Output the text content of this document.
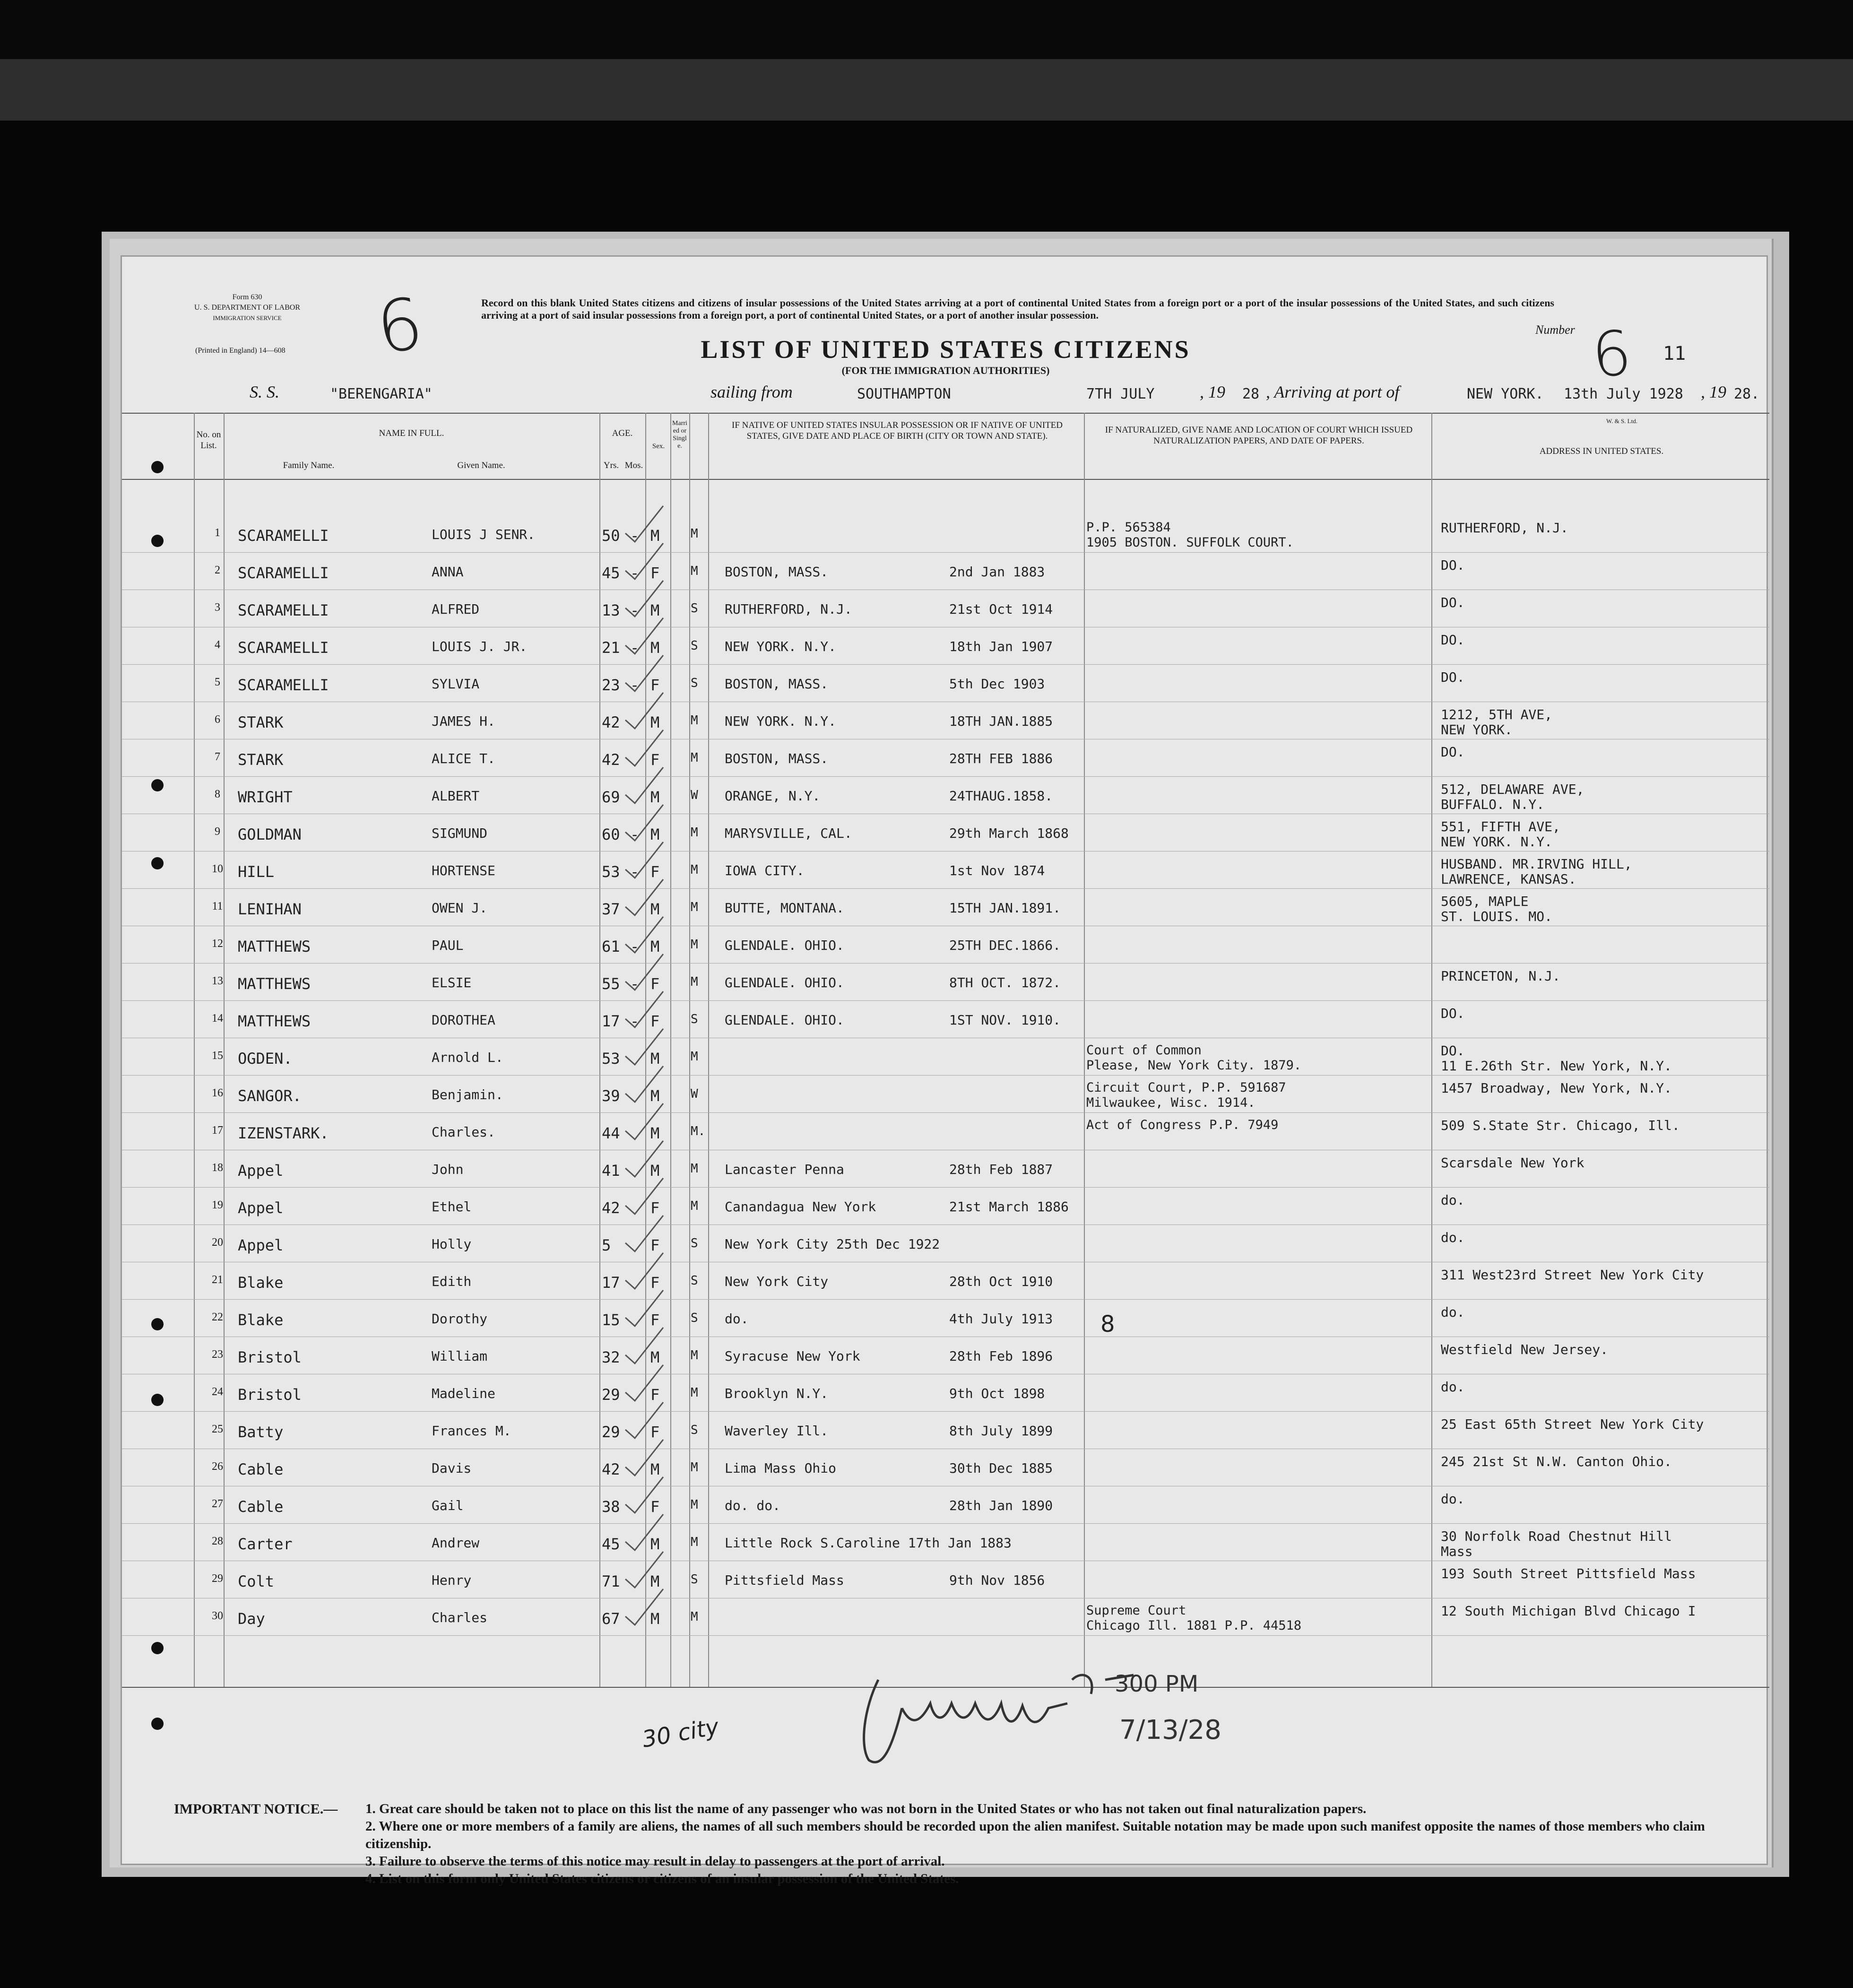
Form 630
U. S. DEPARTMENT OF LABOR
IMMIGRATION SERVICE
(Printed in England) 14—608 6	Record on this blank United States citizens and citizens of insular possessions of the United States arriving at a port of continental United States from a foreign port or a port of the insular possessions of the United States, and such citizens arriving at a port of said insular possessions from a foreign port, a port of continental United States, or a port of another insular possession.
LIST OF UNITED STATES CITIZENS
(FOR THE IMMIGRATION AUTHORITIES)
Number 6 11
S. S.	"BERENGARIA"	sailing from	SOUTHAMPTON	7TH JULY	, 19 28 , Arriving at port of	NEW YORK. 13th July 1928 , 19 28.
W. & S. Ltd.
No. on List.
NAME IN FULL.
Family Name.	Given Name.
AGE.
Yrs. Mos.
Sex.
Married or Single.
IF NATIVE OF UNITED STATES INSULAR POSSESSION OR IF NATIVE OF UNITED STATES, GIVE DATE AND PLACE OF BIRTH (CITY OR TOWN AND STATE).
IF NATURALIZED, GIVE NAME AND LOCATION OF COURT WHICH ISSUED NATURALIZATION PAPERS, AND DATE OF PAPERS.
ADDRESS IN UNITED STATES.
1	SCARAMELLI	LOUIS J SENR.	50 - M	M	P.P. 565384	RUTHERFORD, N.J.
1905 BOSTON. SUFFOLK COURT.
2	SCARAMELLI	ANNA	45 - F	M BOSTON, MASS.	2nd Jan 1883	DO.
3	SCARAMELLI	ALFRED	13 - M	S RUTHERFORD, N.J.	21st Oct 1914	DO.
4	SCARAMELLI	LOUIS J. JR.	21 - M	S NEW YORK. N.Y.	18th Jan 1907	DO.
5	SCARAMELLI	SYLVIA	23 - F	S BOSTON, MASS.	5th Dec 1903	DO.
6	STARK	JAMES H.	42 M	M NEW YORK. N.Y.	18TH JAN.1885	1212, 5TH AVE,
NEW YORK.
7	STARK	ALICE T.	42 F	M BOSTON, MASS.	28TH FEB 1886	DO.
8	WRIGHT	ALBERT	69 M	W ORANGE, N.Y.	24THAUG.1858.	512, DELAWARE AVE,
BUFFALO. N.Y.
9	GOLDMAN	SIGMUND	60 - M	M MARYSVILLE, CAL.	29th March 1868	551, FIFTH AVE,
NEW YORK. N.Y.
10 HILL	HORTENSE	53 - F	M IOWA CITY.	1st Nov 1874	HUSBAND. MR.IRVING HILL,
LAWRENCE, KANSAS.
11 LENIHAN	OWEN J.	37 M	M BUTTE, MONTANA.	15TH JAN.1891.	5605, MAPLE
ST. LOUIS. MO.
12 MATTHEWS	PAUL	61 - M	M GLENDALE. OHIO.	25TH DEC.1866.
13 MATTHEWS	ELSIE	55 - F	M GLENDALE. OHIO.	8TH OCT. 1872.	PRINCETON, N.J.
14 MATTHEWS	DOROTHEA	17 - F	S GLENDALE. OHIO.	1ST NOV. 1910.	DO.
15 OGDEN.	Arnold L.	53 M	M	Court of Common	DO.
Please, New York City. 1879.	11 E.26th Str. New York, N.Y.
16 SANGOR.	Benjamin.	39 M	W	Circuit Court, P.P. 591687	1457 Broadway, New York, N.Y.
Milwaukee, Wisc. 1914.
17 IZENSTARK.	Charles.	44 M	M.	Act of Congress P.P. 7949	509 S.State Str. Chicago, Ill.
18 Appel	John	41 M	M Lancaster Penna	28th Feb 1887	Scarsdale New York
19 Appel	Ethel	42 F	M Canandagua New York	21st March 1886	do.
20 Appel	Holly	5	F	S New York City 25th Dec 1922	do.
21 Blake	Edith	17 F	S New York City	28th Oct 1910	311 West23rd Street New York City
22 Blake	Dorothy	15 F	S do.	4th July 1913	do.
23 Bristol	William	32 M	M Syracuse New York	28th Feb 1896	Westfield New Jersey.
24 Bristol	Madeline	29 F	M Brooklyn N.Y.	9th Oct 1898	do.
25 Batty	Frances M.	29 F	S Waverley Ill.	8th July 1899	25 East 65th Street New York City
26 Cable	Davis	42 M	M Lima Mass Ohio	30th Dec 1885	245 21st St N.W. Canton Ohio.
27 Cable	Gail	38 F	M do. do.	28th Jan 1890	do.
28 Carter	Andrew	45 M	M Little Rock S.Caroline 17th Jan 1883	30 Norfolk Road Chestnut Hill
Mass
29 Colt	Henry	71 M	S Pittsfield Mass	9th Nov 1856	193 South Street Pittsfield Mass
30 Day	Charles	67 M	M	Supreme Court	12 South Michigan Blvd Chicago I
Chicago Ill. 1881 P.P. 44518
8
300 PM
7/13/28
30 city
IMPORTANT NOTICE.— 1. Great care should be taken not to place on this list the name of any passenger who was not born in the United States or who has not taken out final naturalization papers.
2. Where one or more members of a family are aliens, the names of all such members should be recorded upon the alien manifest. Suitable notation may be made upon such manifest opposite the names of those members who claim citizenship.
3. Failure to observe the terms of this notice may result in delay to passengers at the port of arrival.
4. List on this form only United States citizens or citizens of an insular possession of the United States.
